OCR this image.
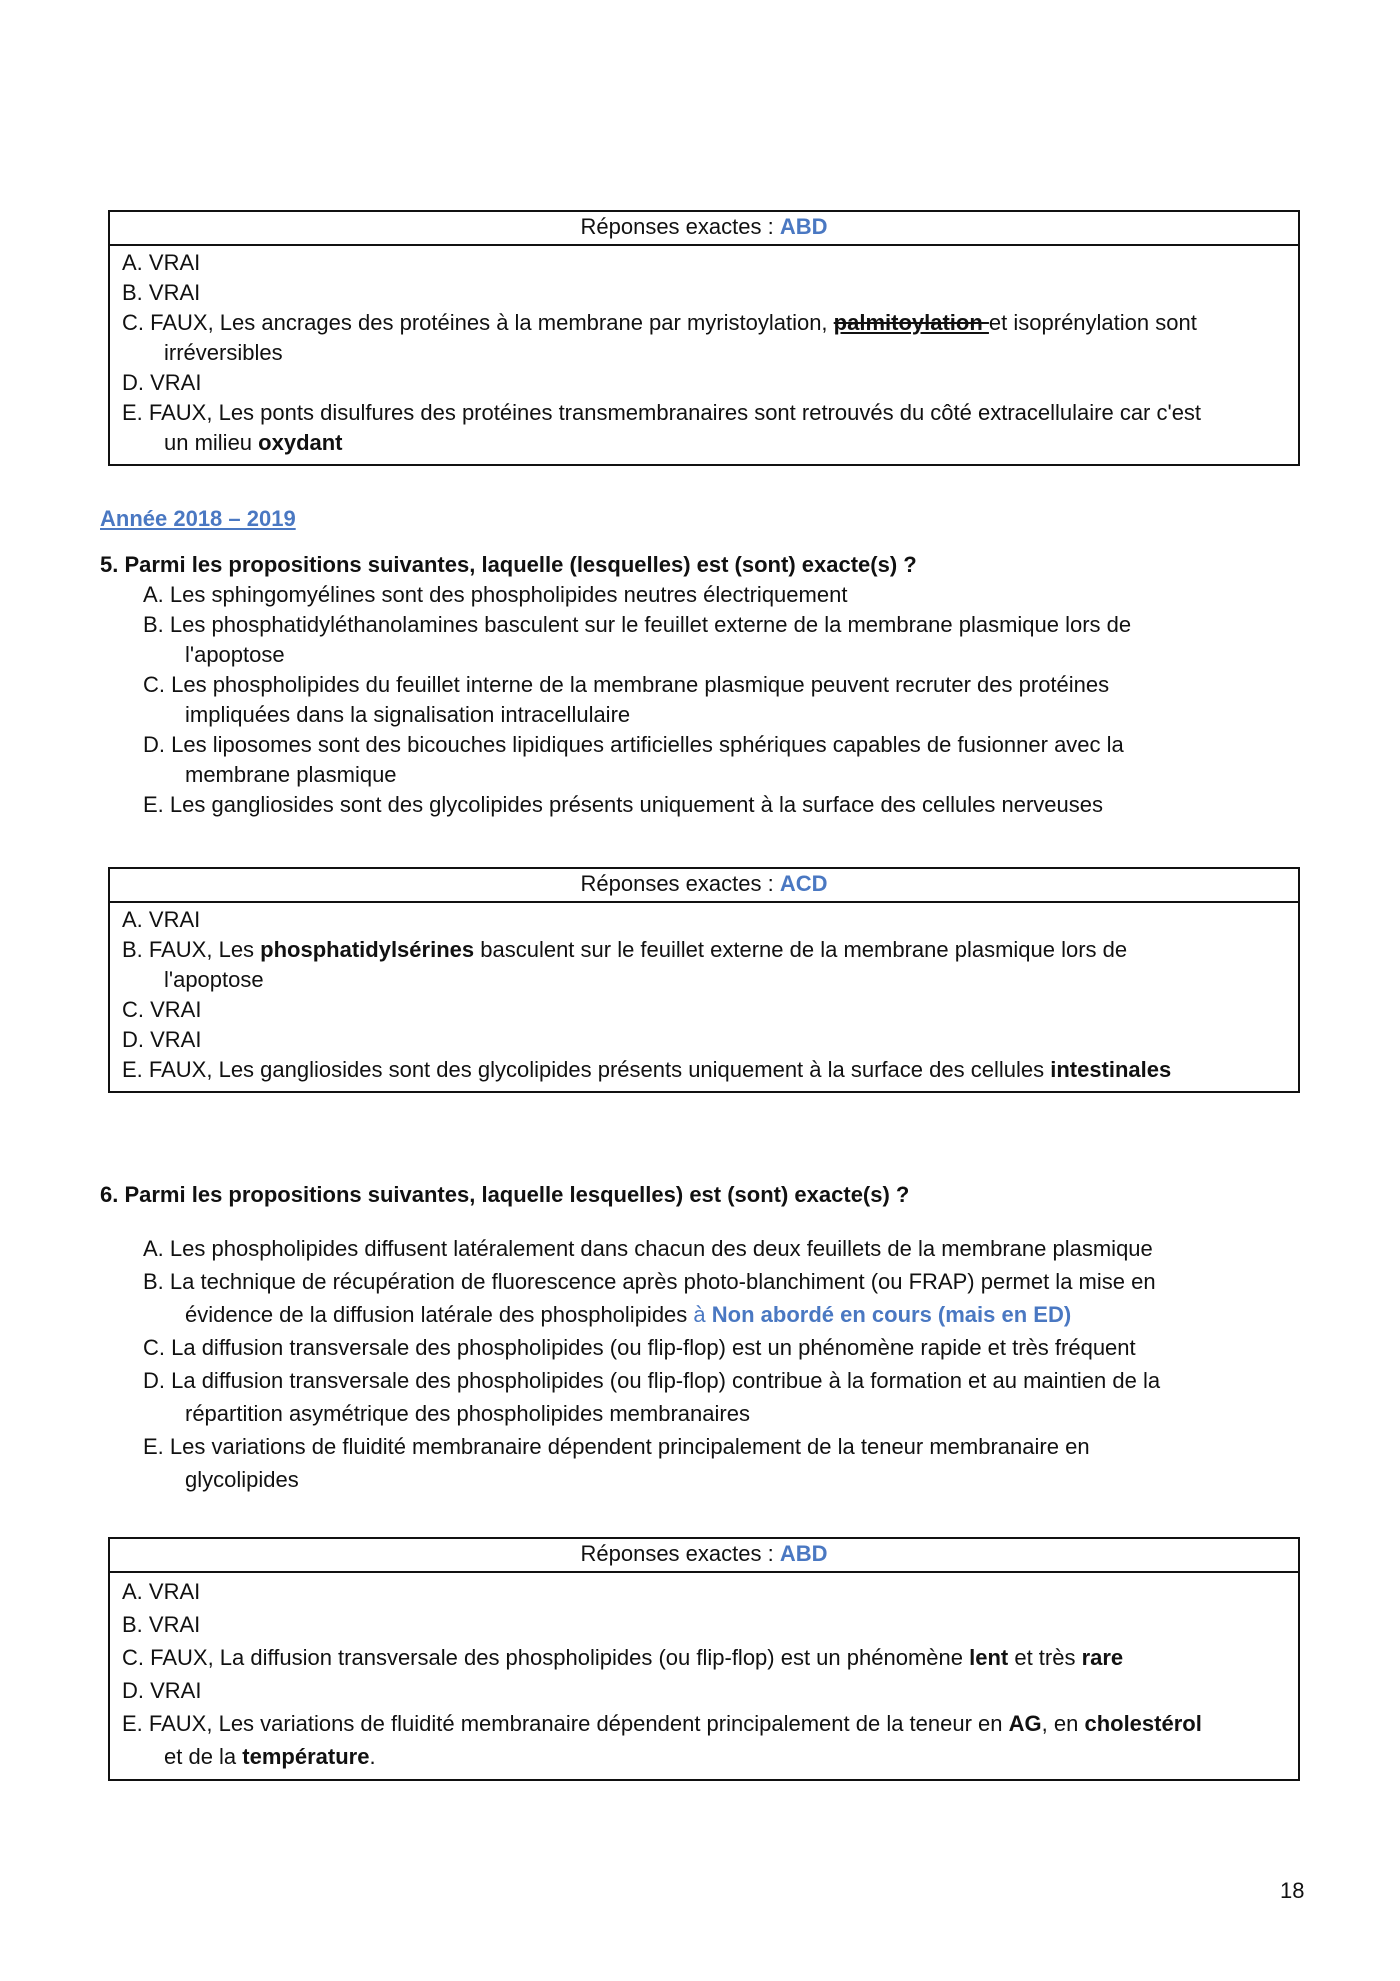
Réponses exactes : ABD

A. VRAI

B. VRAI

C. FAUX, Les ancrages des protéines à la membrane par myristoylation, palmitoylation et isoprénylation sont

irréversibles

D. VRAI

E. FAUX, Les ponts disulfures des protéines transmembranaires sont retrouvés du côté extracellulaire car c'est

un milieu oxydant

Année 2018 – 2019
5. Parmi les propositions suivantes, laquelle (lesquelles) est (sont) exacte(s) ?

A. Les sphingomyélines sont des phospholipides neutres électriquement

B. Les phosphatidyléthanolamines basculent sur le feuillet externe de la membrane plasmique lors de

l'apoptose

C. Les phospholipides du feuillet interne de la membrane plasmique peuvent recruter des protéines

impliquées dans la signalisation intracellulaire

D. Les liposomes sont des bicouches lipidiques artificielles sphériques capables de fusionner avec la

membrane plasmique

E. Les gangliosides sont des glycolipides présents uniquement à la surface des cellules nerveuses

Réponses exactes : ACD

A. VRAI

B. FAUX, Les phosphatidylsérines basculent sur le feuillet externe de la membrane plasmique lors de

l'apoptose

C. VRAI

D. VRAI

E. FAUX, Les gangliosides sont des glycolipides présents uniquement à la surface des cellules intestinales

6. Parmi les propositions suivantes, laquelle lesquelles) est (sont) exacte(s) ?

A. Les phospholipides diffusent latéralement dans chacun des deux feuillets de la membrane plasmique

B. La technique de récupération de fluorescence après photo-blanchiment (ou FRAP) permet la mise en

évidence de la diffusion latérale des phospholipides à Non abordé en cours (mais en ED)

C. La diffusion transversale des phospholipides (ou flip-flop) est un phénomène rapide et très fréquent

D. La diffusion transversale des phospholipides (ou flip-flop) contribue à la formation et au maintien de la

répartition asymétrique des phospholipides membranaires

E. Les variations de fluidité membranaire dépendent principalement de la teneur membranaire en

glycolipides

Réponses exactes : ABD

A. VRAI

B. VRAI

C. FAUX, La diffusion transversale des phospholipides (ou flip-flop) est un phénomène lent et très rare

D. VRAI

E. FAUX, Les variations de fluidité membranaire dépendent principalement de la teneur en AG, en cholestérol

et de la température.

18
